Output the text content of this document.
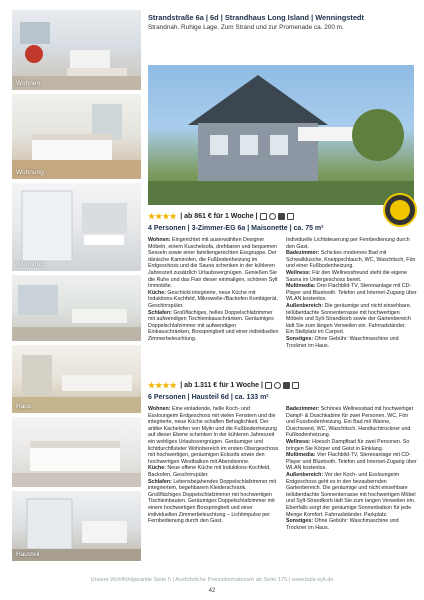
Wohnen
Wohnung
Wohnung
Haus
Hausteil
Strandstraße 6a | 6d | Strandhaus Long Island | Wenningstedt
Strandnah. Ruhige Lage. Zum Strand und zur Promenade ca. 200 m.
★★★★ | ab 861 € für 1 Woche |
4 Personen | 3-Zimmer-EG 6a | Maisonette | ca. 75 m²

Wohnen: Eingerichtet mit auserwählten Designer Möbeln, einem Kuschelsofa, drehbaren und bequemen Sesseln sowie einer familiengerechten Essgruppe. Der dänische Kaminofen, die Fußbodenheizung im Erdgeschoss und die Sauna schenken in der kühleren Jahreszeit zusätzlich Urlaubsvergnügen. Genießen Sie die Ruhe und das Flair dieser einmaligen, schönen Sylt Immobilie.

Küche: Geschickt integrierte, neue Küche mit Induktions-Kochfeld, Mikrowelle-/Backofen Kombigerät, Geschirrspüler.

Schlafen: Großflächiges, helles Doppelschlafzimmer mit aufwendigen Tischleinbauschränken. Geräumiges Doppelschlafzimmer mit aufwendigen Einbauschränken, Boxspringbett und einer individuellen Zimmerbeleuchtung.

Individuelle Lichtsteuerung per Fernbedienung durch den Gast.

Badezimmer: Schickes modernes Bad mit Schwalldusche, Kneippschlauch, WC, Waschtisch, Fön und einer Fußbodenheizung.

Wellness: Für den Wellnessfreund steht die eigene Sauna im Untergeschoss bereit.

Multimedia: Drei Flachbild-TV, Stereoanlage mit CD-Player und Bluetooth. Telefon und Internet-Zugang über WLAN kostenlos.

Außenbereich: Die geräumige und nicht einsehbare, teilüberdachte Sonnenterrasse mit hochwertigen Möbeln und Sylt-Strandkorb sowie der Gartenbereich lädt Sie zum längen Verweilen ein. Fahrradständer.

Ein Stellplatz im Carport.

Sonstiges: Ohne Gebühr: Waschmaschine und Trockner im Haus.

★★★★ | ab 1.311 € für 1 Woche |
6 Personen | Hausteil 6d | ca. 133 m²

Wohnen: Eine einladende, helle Koch- und Essloungeim Erdgeschoss mit vielen Fenstern und die integrierte, neue Küche schaffen Behaglichkeit. Der antike Kachelofen von Mylin und die Fußbodenheizung auf dieser Ebene schenken in der kühleren Jahreszeit ein wohliges Urlaubsvergnügen. Geräumiger und lichtdurchfluteter Wohnbereich im ersten Obergeschoss mit hochwertigen, geräumigen Ecksofa sowie den hochwertigen Westbalkon mit Abendsonne.

Küche: Neue offene Küche mit Induktions-Kochfeld, Backofen, Geschirrspüler.

Schlafen: Lebensbejahendes Doppelschlafzimmer mit integriertem, begehbarem Kleiderschrank. Großflächiges Doppelschlafzimmer mit hochwertigen Tischleinbauten. Geräumiges Doppelschlafzimmer mit einem hochwertigen Boxspringbett und einer individuellen Zimmerbeleuchtung – Lichtimpulse per Fernbedienung durch den Gast.

Badezimmer: Schönes Wellnessbad mit hochwertiger Dampf- & Duschkabine für zwei Personen, WC, Fön und Fussbodenheizung. Ein Bad mit Wanne, Duschwand, WC, Waschtisch, Handtuchtrockner und Fußbodenheizung.

Wellness: Hoesch Dampfbad für zwei Personen. So bringen Sie Körper und Geist in Einklang.

Multimedia: Vier Flachbild-TV, Stereoanlage mit CD-Player und Bluetooth. Telefon und Internet-Zugang über WLAN kostenlos.

Außenbereich: Vor der Koch- und Essloungeim Erdgeschoss geht es in den bezaubernden Gartenbereich. Die geräumige und nicht einsehbare teilüberdachte Sonnenterrasse mit hochwertigen Möbel und Sylt-Strandkorb lädt Sie zum langen Verweilen ein. Ebenfalls sorgt der geräumige Sonnenbalkon für jede Menge Komfort. Fahrradständer. Parkplatz.

Sonstiges: Ohne Gebühr: Waschmaschine und Trockner im Haus.

Unsere Wohlfühlgarantie Seite 5 | Ausführliche Preisinformationen ab Seite 175 | www.bals-sylt.de
42
